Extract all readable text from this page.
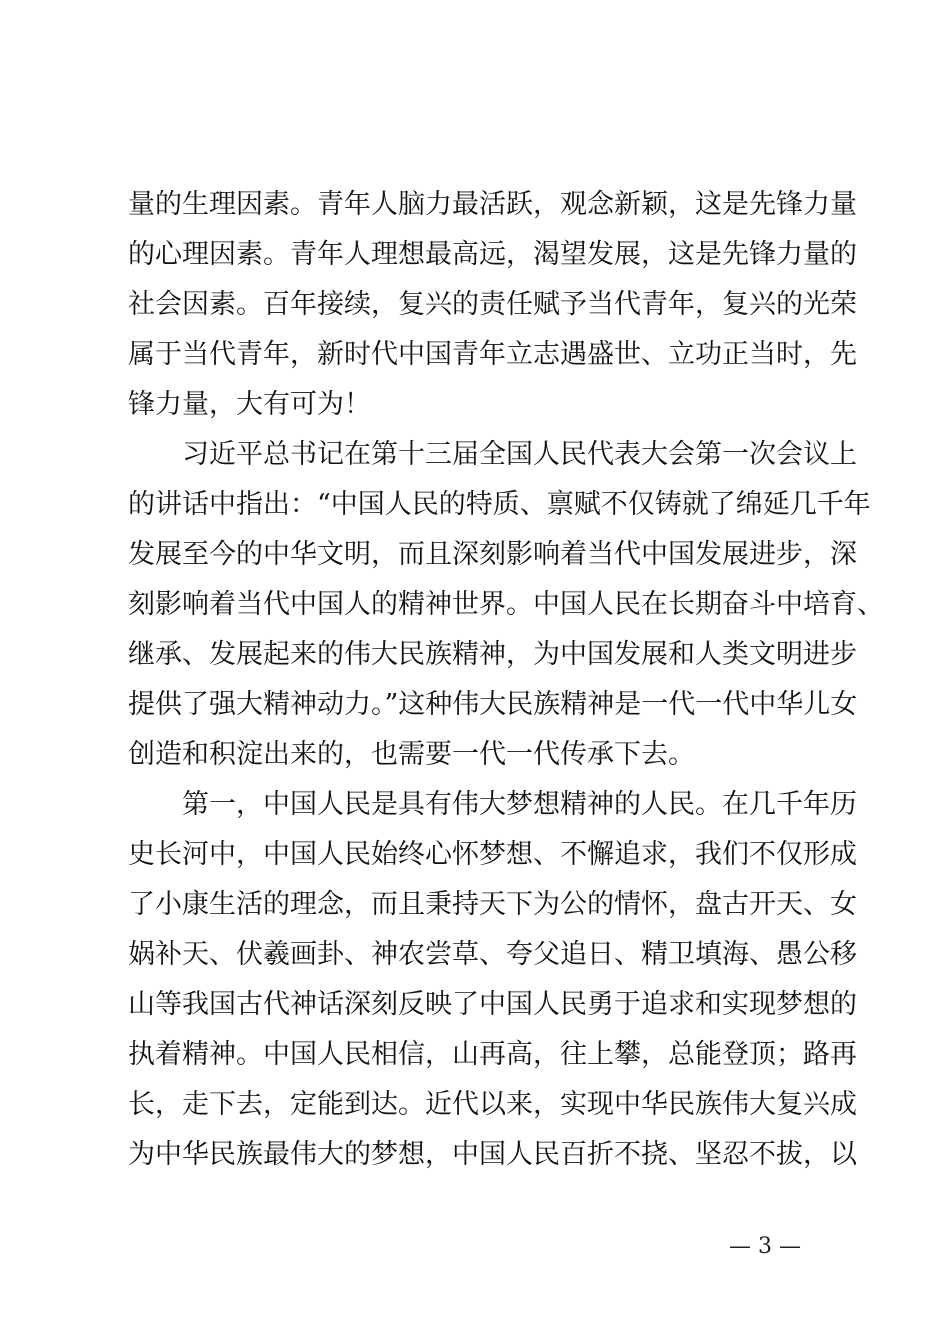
量的生理因素。青年人脑力最活跃，观念新颖，这是先锋力量
的心理因素。青年人理想最高远，渴望发展，这是先锋力量的
社会因素。百年接续，复兴的责任赋予当代青年，复兴的光荣
属于当代青年，新时代中国青年立志遇盛世、立功正当时，先
锋力量，大有可为！
习近平总书记在第十三届全国人民代表大会第一次会议上
的讲话中指出：“中国人民的特质、禀赋不仅铸就了绵延几千年
发展至今的中华文明，而且深刻影响着当代中国发展进步，深
刻影响着当代中国人的精神世界。中国人民在长期奋斗中培育、
继承、发展起来的伟大民族精神，为中国发展和人类文明进步
提供了强大精神动力。”这种伟大民族精神是一代一代中华儿女
创造和积淀出来的，也需要一代一代传承下去。
第一，中国人民是具有伟大梦想精神的人民。在几千年历
史长河中，中国人民始终心怀梦想、不懈追求，我们不仅形成
了小康生活的理念，而且秉持天下为公的情怀，盘古开天、女
娲补天、伏羲画卦、神农尝草、夸父追日、精卫填海、愚公移
山等我国古代神话深刻反映了中国人民勇于追求和实现梦想的
执着精神。中国人民相信，山再高，往上攀，总能登顶；路再
长，走下去，定能到达。近代以来，实现中华民族伟大复兴成
为中华民族最伟大的梦想，中国人民百折不挠、坚忍不拔，以
— 3 —
